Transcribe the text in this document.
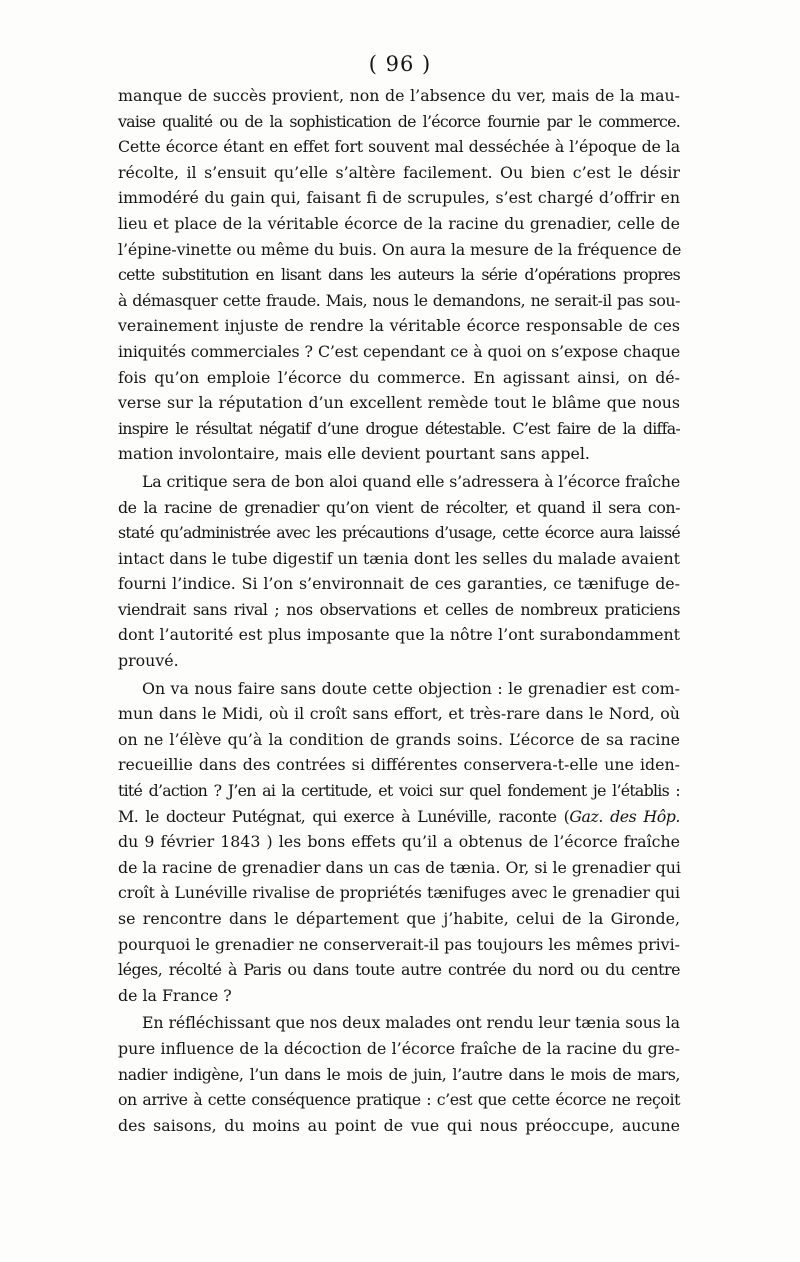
( 96 )
manque de succès provient, non de l’absence du ver, mais de la mau-
vaise qualité ou de la sophistication de l’écorce fournie par le commerce.
Cette écorce étant en effet fort souvent mal desséchée à l’époque de la
récolte, il s’ensuit qu’elle s’altère facilement. Ou bien c’est le désir
immodéré du gain qui, faisant fi de scrupules, s’est chargé d’offrir en
lieu et place de la véritable écorce de la racine du grenadier, celle de
l’épine-vinette ou même du buis. On aura la mesure de la fréquence de
cette substitution en lisant dans les auteurs la série d’opérations propres
à démasquer cette fraude. Mais, nous le demandons, ne serait-il pas sou-
verainement injuste de rendre la véritable écorce responsable de ces
iniquités commerciales ? C’est cependant ce à quoi on s’expose chaque
fois qu’on emploie l’écorce du commerce. En agissant ainsi, on dé-
verse sur la réputation d’un excellent remède tout le blâme que nous
inspire le résultat négatif d’une drogue détestable. C’est faire de la diffa-
mation involontaire, mais elle devient pourtant sans appel.
La critique sera de bon aloi quand elle s’adressera à l’écorce fraîche
de la racine de grenadier qu’on vient de récolter, et quand il sera con-
staté qu’administrée avec les précautions d’usage, cette écorce aura laissé
intact dans le tube digestif un tænia dont les selles du malade avaient
fourni l’indice. Si l’on s’environnait de ces garanties, ce tænifuge de-
viendrait sans rival ; nos observations et celles de nombreux praticiens
dont l’autorité est plus imposante que la nôtre l’ont surabondamment
prouvé.
On va nous faire sans doute cette objection : le grenadier est com-
mun dans le Midi, où il croît sans effort, et très-rare dans le Nord, où
on ne l’élève qu’à la condition de grands soins. L’écorce de sa racine
recueillie dans des contrées si différentes conservera-t-elle une iden-
tité d’action ? J’en ai la certitude, et voici sur quel fondement je l’établis :
M. le docteur Putégnat, qui exerce à Lunéville, raconte (Gaz. des Hôp.
du 9 février 1843 ) les bons effets qu’il a obtenus de l’écorce fraîche
de la racine de grenadier dans un cas de tænia. Or, si le grenadier qui
croît à Lunéville rivalise de propriétés tænifuges avec le grenadier qui
se rencontre dans le département que j’habite, celui de la Gironde,
pourquoi le grenadier ne conserverait-il pas toujours les mêmes privi-
léges, récolté à Paris ou dans toute autre contrée du nord ou du centre
de la France ?
En réfléchissant que nos deux malades ont rendu leur tænia sous la
pure influence de la décoction de l’écorce fraîche de la racine du gre-
nadier indigène, l’un dans le mois de juin, l’autre dans le mois de mars,
on arrive à cette conséquence pratique : c’est que cette écorce ne reçoit
des saisons, du moins au point de vue qui nous préoccupe, aucune
